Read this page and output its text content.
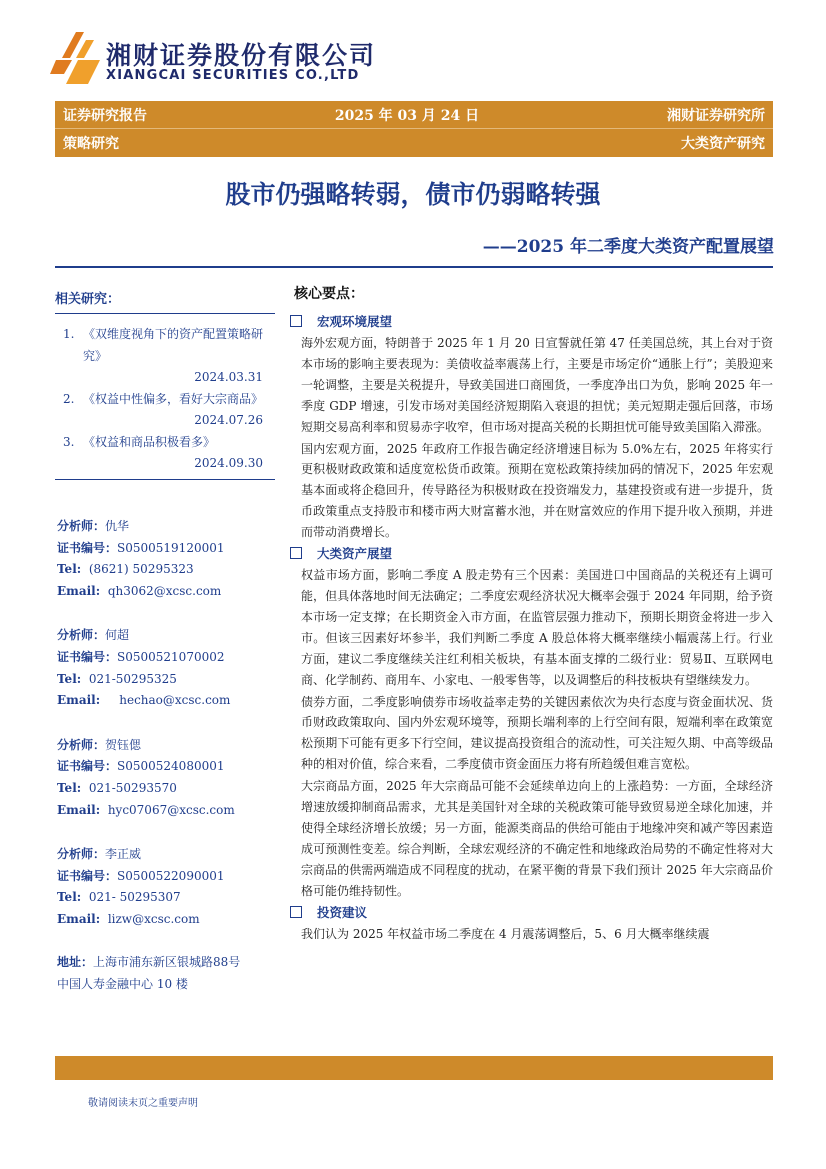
湘财证券股份有限公司
XIANGCAI SECURITIES CO.,LTD
证券研究报告	2025 年 03 月 24 日	湘财证券研究所
策略研究	大类资产研究
股市仍强略转弱，债市仍弱略转强
——2025 年二季度大类资产配置展望
相关研究：
1. 《双维度视角下的资产配置策略研究》
2024.03.31
2. 《权益中性偏多，看好大宗商品》
2024.07.26
3. 《权益和商品积极看多》
2024.09.30
分析师：仇华
证书编号：S0500519120001
Tel: (8621) 50295323
Email: qh3062@xcsc.com
分析师：何超
证书编号：S0500521070002
Tel: 021-50295325
Email: hechao@xcsc.com
分析师：贺钰偲
证书编号：S0500524080001
Tel: 021-50293570
Email: hyc07067@xcsc.com
分析师：李正威
证书编号：S0500522090001
Tel: 021- 50295307
Email: lizw@xcsc.com
地址：上海市浦东新区银城路88号
中国人寿金融中心 10 楼
核心要点：
宏观环境展望

海外宏观方面，特朗普于 2025 年 1 月 20 日宣誓就任第 47 任美国总统，其上台对于资本市场的影响主要表现为：美债收益率震荡上行，主要是市场定价“通胀上行”；美股迎来一轮调整，主要是关税提升，导致美国进口商囤货，一季度净出口为负，影响 2025 年一季度 GDP 增速，引发市场对美国经济短期陷入衰退的担忧；美元短期走强后回落，市场短期交易高利率和贸易赤字收窄，但市场对提高关税的长期担忧可能导致美国陷入滞涨。

国内宏观方面，2025 年政府工作报告确定经济增速目标为 5.0%左右，2025 年将实行更积极财政政策和适度宽松货币政策。预期在宽松政策持续加码的情况下，2025 年宏观基本面或将企稳回升，传导路径为积极财政在投资端发力，基建投资或有进一步提升，货币政策重点支持股市和楼市两大财富蓄水池，并在财富效应的作用下提升收入预期，并进而带动消费增长。

大类资产展望

权益市场方面，影响二季度 A 股走势有三个因素：美国进口中国商品的关税还有上调可能，但具体落地时间无法确定；二季度宏观经济状况大概率会强于 2024 年同期，给予资本市场一定支撑；在长期资金入市方面，在监管层强力推动下，预期长期资金将进一步入市。但该三因素好坏参半，我们判断二季度 A 股总体将大概率继续小幅震荡上行。行业方面，建议二季度继续关注红利相关板块，有基本面支撑的二级行业：贸易Ⅱ、互联网电商、化学制药、商用车、小家电、一般零售等，以及调整后的科技板块有望继续发力。

债券方面，二季度影响债券市场收益率走势的关键因素依次为央行态度与资金面状况、货币财政政策取向、国内外宏观环境等，预期长端利率的上行空间有限，短端利率在政策宽松预期下可能有更多下行空间，建议提高投资组合的流动性，可关注短久期、中高等级品种的相对价值，综合来看，二季度债市资金面压力将有所趋缓但难言宽松。

大宗商品方面，2025 年大宗商品可能不会延续单边向上的上涨趋势：一方面，全球经济增速放缓抑制商品需求，尤其是美国针对全球的关税政策可能导致贸易逆全球化加速，并使得全球经济增长放缓；另一方面，能源类商品的供给可能由于地缘冲突和减产等因素造成可预测性变差。综合判断，全球宏观经济的不确定性和地缘政治局势的不确定性将对大宗商品的供需两端造成不同程度的扰动，在紧平衡的背景下我们预计 2025 年大宗商品价格可能仍维持韧性。

投资建议

我们认为 2025 年权益市场二季度在 4 月震荡调整后，5、6 月大概率继续震

敬请阅读末页之重要声明
